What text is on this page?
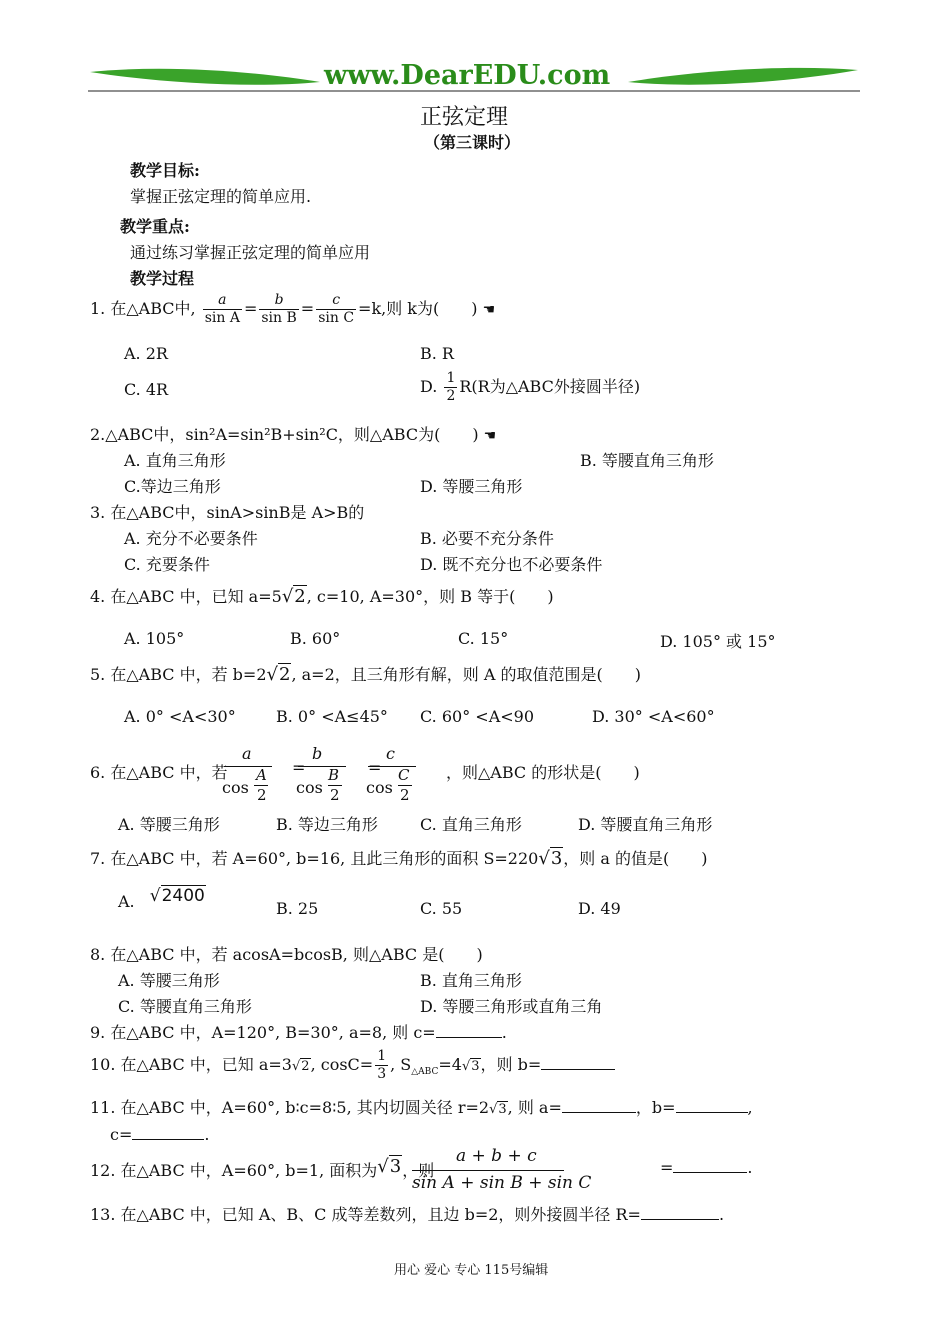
www.DearEDU.com
正弦定理
（第三课时）
教学目标:
掌握正弦定理的简单应用.
教学重点:
通过练习掌握正弦定理的简单应用
教学过程
1. 在△ABC中, $\frac{a}{\text{sin A}} = \frac{b}{\text{sin B}} = \frac{c}{\text{sin C}} =k$,则 k为(　　) ☚
A. 2R	B. R
C. 4R	D. $\frac{1}{2} R(R$为△ABC外接圆半径)
2.△ABC中，sin²A=sin²B+sin²C，则△ABC为(　　) ☚
A. 直角三角形	B. 等腰直角三角形
C.等边三角形	D. 等腰三角形
3. 在△ABC中，sinA>sinB是 A>B的
A. 充分不必要条件	B. 必要不充分条件
C. 充要条件	D. 既不充分也不必要条件
4. 在△ABC 中，已知 a=5√2, c=10, A=30°，则 B 等于(　　)
A. 105°	B. 60°	C. 15°	D. 105° 或 15°
5. 在△ABC 中，若 b=2√2, a=2，且三角形有解，则 A 的取值范围是(　　)
A. 0° <A<30°	B. 0° <A≤45° C. 60° <A<90	D. 30° <A<60°
6. 在△ABC 中，若
a
cos
A
2
=
b
cos
B
2
=
c
cos
C
2
，则△ABC 的形状是(　　)
A. 等腰三角形	B. 等边三角形	C. 直角三角形	D. 等腰直角三角形
7. 在△ABC 中，若 A=60°, b=16, 且此三角形的面积 S=220√3，则 a 的值是(　　)
A. √2400
B. 25	C. 55	D. 49
8. 在△ABC 中，若 acosA=bcosB, 则△ABC 是(　　)
A. 等腰三角形	B. 直角三角形
C. 等腰直角三角形	D. 等腰三角形或直角三角
9. 在△ABC 中，A=120°, B=30°, a=8, 则 c=	.
10. 在△ABC 中，已知 a=3√2, $\cos C= \frac{1}{3}$ , $S_{\triangle ABC}=4√3$，则 b=
11. 在△ABC 中，A=60°, b∶c=8∶5, 其内切圆关径 r=2√3, 则 a=	，b=	,
c=	.
12. 在△ABC 中，A=60°, b=1, 面积为√3，则
a + b + c
sin A + sin B + sin C
=	.
13. 在△ABC 中，已知 A、B、C 成等差数列，且边 b=2，则外接圆半径 R=	.
用心 爱心 专心 115号编辑
